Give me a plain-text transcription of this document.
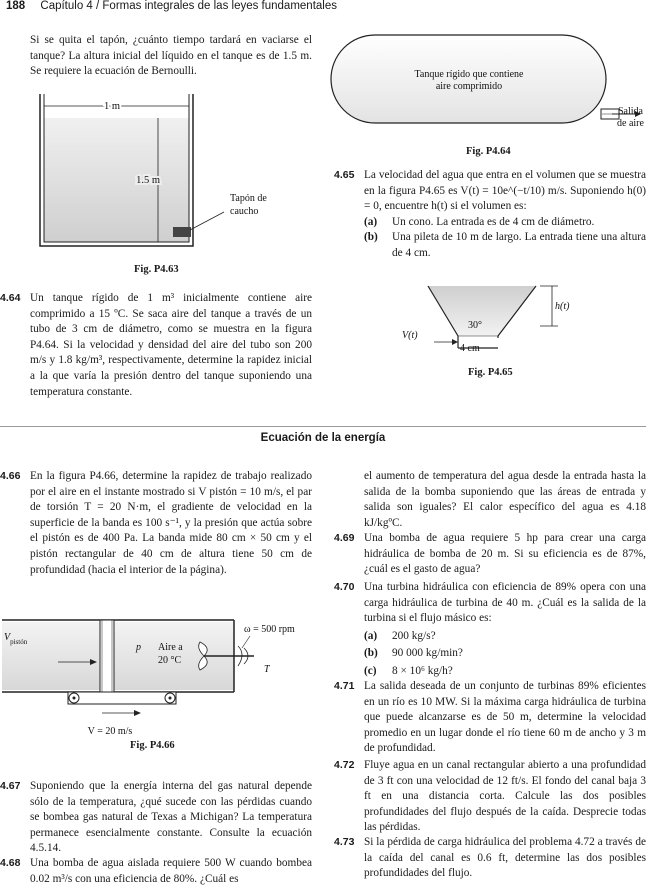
188 Capítulo 4 / Formas integrales de las leyes fundamentales
Si se quita el tapón, ¿cuánto tiempo tardará en vaciarse el tanque? La altura inicial del líquido en el tanque es de 1.5 m. Se requiere la ecuación de Bernoulli.
1 m
1.5 m
Tapón de
caucho
Fig. P4.63
Tanque rígido que contiene
aire comprimido
Salida
de aire
Fig. P4.64
4.64 Un tanque rígido de 1 m³ inicialmente contiene aire comprimido a 15 ºC. Se saca aire del tanque a través de un tubo de 3 cm de diámetro, como se muestra en la figura P4.64. Si la velocidad y densidad del aire del tubo son 200 m/s y 1.8 kg/m³, respectivamente, determine la rapidez inicial a la que varía la presión dentro del tanque suponiendo una temperatura constante.
4.65 La velocidad del agua que entra en el volumen que se muestra en la figura P4.65 es V(t) = 10e^(−t/10) m/s. Suponiendo h(0) = 0, encuentre h(t) si el volumen es:
(a)	Un cono. La entrada es de 4 cm de diámetro.
(b)	Una pileta de 10 m de largo. La entrada tiene una altura de 4 cm.
V(t)
30°
4 cm
h(t)
Fig. P4.65
Ecuación de la energía
4.66 En la figura P4.66, determine la rapidez de trabajo realizado por el aire en el instante mostrado si V pistón = 10 m/s, el par de torsión T = 20 N·m, el gradiente de velocidad en la superficie de la banda es 100 s⁻¹, y la presión que actúa sobre el pistón es de 400 Pa. La banda mide 80 cm × 50 cm y el pistón rectangular de 40 cm de altura tiene 50 cm de profundidad (hacia el interior de la página).
$V_{pistón}$	p Aire a
20 °C
ω = 500 rpm
T
V = 20 m/s
Fig. P4.66
4.67 Suponiendo que la energía interna del gas natural depende sólo de la temperatura, ¿qué sucede con las pérdidas cuando se bombea gas natural de Texas a Michigan? La temperatura permanece esencialmente constante. Consulte la ecuación 4.5.14.
4.68 Una bomba de agua aislada requiere 500 W cuando bombea 0.02 m³/s con una eficiencia de 80%. ¿Cuál es
el aumento de temperatura del agua desde la entrada hasta la salida de la bomba suponiendo que las áreas de entrada y salida son iguales? El calor específico del agua es 4.18 kJ/kgºC.
4.69 Una bomba de agua requiere 5 hp para crear una carga hidráulica de bomba de 20 m. Si su eficiencia es de 87%, ¿cuál es el gasto de agua?
4.70 Una turbina hidráulica con eficiencia de 89% opera con una carga hidráulica de turbina de 40 m. ¿Cuál es la salida de la turbina si el flujo másico es:
(a)	200 kg/s?
(b)	90 000 kg/min?
(c)	8 × 10⁶ kg/h?
4.71 La salida deseada de un conjunto de turbinas 89% eficientes en un río es 10 MW. Si la máxima carga hidráulica de turbina que puede alcanzarse es de 50 m, determine la velocidad promedio en un lugar donde el río tiene 60 m de ancho y 3 m de profundidad.
4.72 Fluye agua en un canal rectangular abierto a una profundidad de 3 ft con una velocidad de 12 ft/s. El fondo del canal baja 3 ft en una distancia corta. Calcule las dos posibles profundidades del flujo después de la caída. Desprecie todas las pérdidas.
4.73 Si la pérdida de carga hidráulica del problema 4.72 a través de la caída del canal es 0.6 ft, determine las dos posibles profundidades del flujo.
